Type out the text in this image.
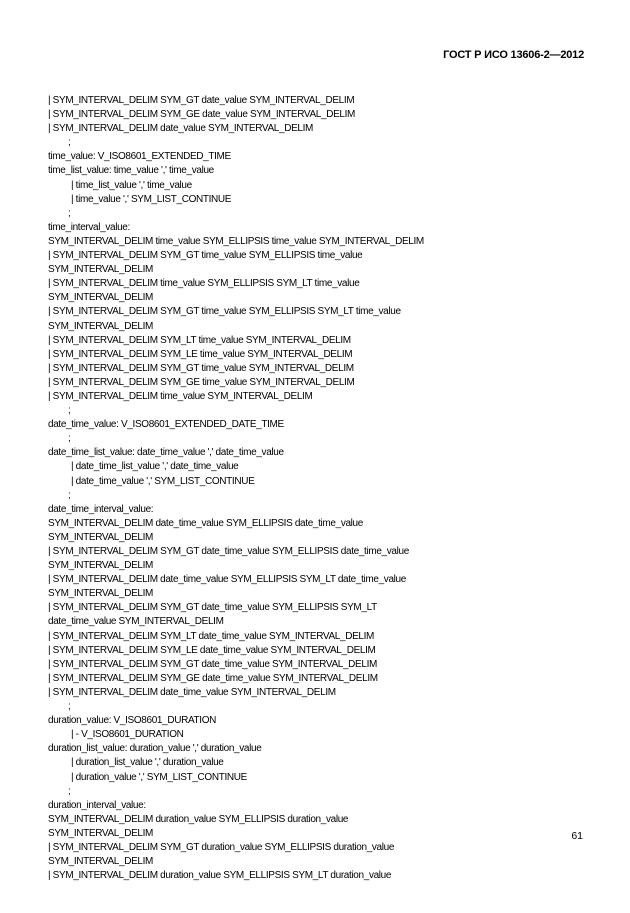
ГОСТ Р ИСО 13606-2—2012
| SYM_INTERVAL_DELIM SYM_GT date_value SYM_INTERVAL_DELIM
| SYM_INTERVAL_DELIM SYM_GE date_value SYM_INTERVAL_DELIM
| SYM_INTERVAL_DELIM date_value SYM_INTERVAL_DELIM
;
time_value: V_ISO8601_EXTENDED_TIME
time_list_value: time_value ',' time_value
| time_list_value ',' time_value
| time_value ',' SYM_LIST_CONTINUE
;
time_interval_value:
SYM_INTERVAL_DELIM time_value SYM_ELLIPSIS time_value SYM_INTERVAL_DELIM
| SYM_INTERVAL_DELIM SYM_GT time_value SYM_ELLIPSIS time_value
SYM_INTERVAL_DELIM
| SYM_INTERVAL_DELIM time_value SYM_ELLIPSIS SYM_LT time_value
SYM_INTERVAL_DELIM
| SYM_INTERVAL_DELIM SYM_GT time_value SYM_ELLIPSIS SYM_LT time_value
SYM_INTERVAL_DELIM
| SYM_INTERVAL_DELIM SYM_LT time_value SYM_INTERVAL_DELIM
| SYM_INTERVAL_DELIM SYM_LE time_value SYM_INTERVAL_DELIM
| SYM_INTERVAL_DELIM SYM_GT time_value SYM_INTERVAL_DELIM
| SYM_INTERVAL_DELIM SYM_GE time_value SYM_INTERVAL_DELIM
| SYM_INTERVAL_DELIM time_value SYM_INTERVAL_DELIM
;
date_time_value: V_ISO8601_EXTENDED_DATE_TIME
;
date_time_list_value: date_time_value ',' date_time_value
| date_time_list_value ',' date_time_value
| date_time_value ',' SYM_LIST_CONTINUE
;
date_time_interval_value:
SYM_INTERVAL_DELIM date_time_value SYM_ELLIPSIS date_time_value
SYM_INTERVAL_DELIM
| SYM_INTERVAL_DELIM SYM_GT date_time_value SYM_ELLIPSIS date_time_value
SYM_INTERVAL_DELIM
| SYM_INTERVAL_DELIM date_time_value SYM_ELLIPSIS SYM_LT date_time_value
SYM_INTERVAL_DELIM
| SYM_INTERVAL_DELIM SYM_GT date_time_value SYM_ELLIPSIS SYM_LT
date_time_value SYM_INTERVAL_DELIM
| SYM_INTERVAL_DELIM SYM_LT date_time_value SYM_INTERVAL_DELIM
| SYM_INTERVAL_DELIM SYM_LE date_time_value SYM_INTERVAL_DELIM
| SYM_INTERVAL_DELIM SYM_GT date_time_value SYM_INTERVAL_DELIM
| SYM_INTERVAL_DELIM SYM_GE date_time_value SYM_INTERVAL_DELIM
| SYM_INTERVAL_DELIM date_time_value SYM_INTERVAL_DELIM
;
duration_value: V_ISO8601_DURATION
| - V_ISO8601_DURATION
duration_list_value: duration_value ',' duration_value
| duration_list_value ',' duration_value
| duration_value ',' SYM_LIST_CONTINUE
;
duration_interval_value:
SYM_INTERVAL_DELIM duration_value SYM_ELLIPSIS duration_value
SYM_INTERVAL_DELIM
| SYM_INTERVAL_DELIM SYM_GT duration_value SYM_ELLIPSIS duration_value
SYM_INTERVAL_DELIM
| SYM_INTERVAL_DELIM duration_value SYM_ELLIPSIS SYM_LT duration_value
61
